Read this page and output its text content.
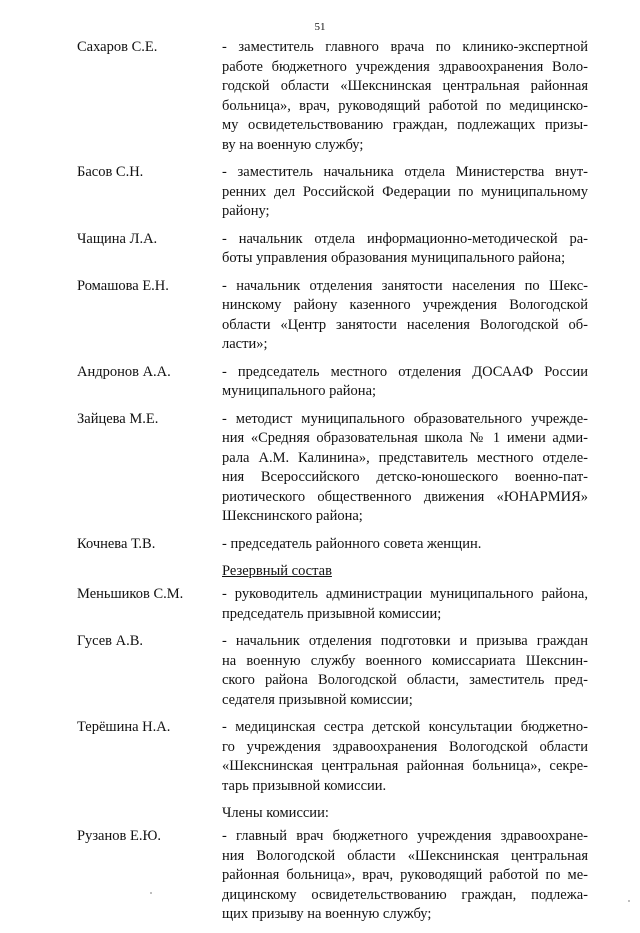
51
Сахаров С.Е.	- заместитель главного врача по клинико-экспертной
работе бюджетного учреждения здравоохранения Воло-
годской области «Шекснинская центральная районная
больница», врач, руководящий работой по медицинско-
му освидетельствованию граждан, подлежащих призы-
ву на военную службу;
Басов С.Н.	- заместитель начальника отдела Министерства внут-
ренних дел Российской Федерации по муниципальному
району;
Чащина Л.А.	- начальник отдела информационно-методической ра-
боты управления образования муниципального района;
Ромашова Е.Н.	- начальник отделения занятости населения по Шекс-
нинскому району казенного учреждения Вологодской
области «Центр занятости населения Вологодской об-
ласти»;
Андронов А.А.	- председатель местного отделения ДОСААФ России
муниципального района;
Зайцева М.Е.	- методист муниципального образовательного учрежде-
ния «Средняя образовательная школа № 1 имени адми-
рала А.М. Калинина», представитель местного отделе-
ния Всероссийского детско-юношеского военно-пат-
риотического общественного движения «ЮНАРМИЯ»
Шекснинского района;
Кочнева Т.В.	- председатель районного совета женщин.
Резервный состав
Меньшиков С.М.	- руководитель администрации муниципального района,
председатель призывной комиссии;
Гусев А.В.	- начальник отделения подготовки и призыва граждан
на военную службу военного комиссариата Шекснин-
ского района Вологодской области, заместитель пред-
седателя призывной комиссии;
Терёшина Н.А.	- медицинская сестра детской консультации бюджетно-
го учреждения здравоохранения Вологодской области
«Шекснинская центральная районная больница», секре-
тарь призывной комиссии.
Члены комиссии:
Рузанов Е.Ю.	- главный врач бюджетного учреждения здравоохране-
ния Вологодской области «Шекснинская центральная
районная больница», врач, руководящий работой по ме-
дицинскому освидетельствованию граждан, подлежа-
щих призыву на военную службу;
